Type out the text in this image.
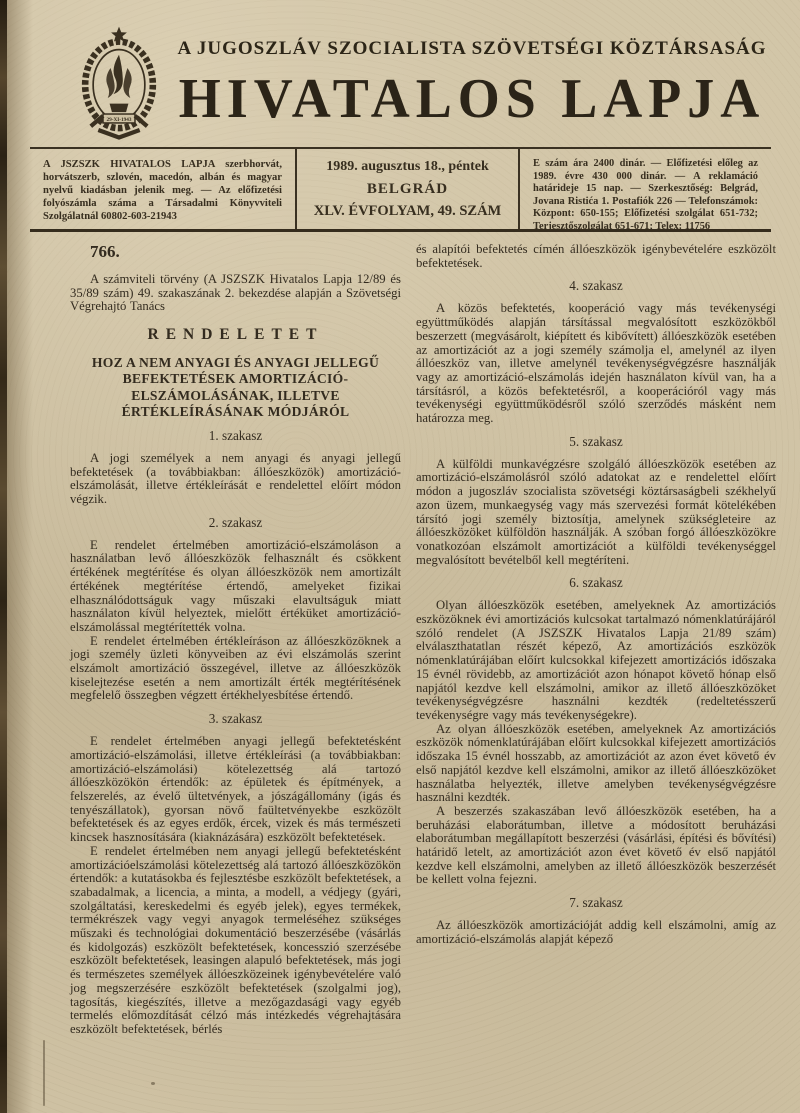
29-XI-1943
A JUGOSZLÁV SZOCIALISTA SZÖVETSÉGI KÖZTÁRSASÁG
HIVATALOS LAPJA
A JSZSZK HIVATALOS LAPJA szerbhorvát, horvátszerb, szlovén, macedón, albán és magyar nyelvű kiadásban jelenik meg. — Az előfizetési folyószámla száma a Társadalmi Könyvviteli Szolgálatnál 60802-603-21943
1989. augusztus 18., péntek
BELGRÁD
XLV. ÉVFOLYAM, 49. SZÁM
E szám ára 2400 dinár. — Előfizetési előleg az 1989. évre 430 000 dinár. — A reklamáció határideje 15 nap. — Szerkesztőség: Belgrád, Jovana Ristića 1. Postafiók 226 — Telefonszámok: Központ: 650-155; Előfizetési szolgálat 651-732; Terjesztőszolgálat 651-671; Telex: 11756

766.

A számviteli törvény (A JSZSZK Hivatalos Lapja 12/89 és 35/89 szám) 49. szakaszának 2. bekezdése alapján a Szövetségi Végrehajtó Tanács

RENDELETET

HOZ A NEM ANYAGI ÉS ANYAGI JELLEGŰ BEFEKTETÉSEK AMORTIZÁCIÓ-ELSZÁMOLÁSÁNAK, ILLETVE ÉRTÉKLEÍRÁSÁNAK MÓDJÁRÓL

1. szakasz

A jogi személyek a nem anyagi és anyagi jellegű befektetések (a továbbiakban: állóeszközök) amortizáció-elszámolását, illetve értékleírását e rendelettel előírt módon végzik.

2. szakasz

E rendelet értelmében amortizáció-elszámoláson a használatban levő állóeszközök felhasznált és csökkent értékének megtérítése és olyan állóeszközök nem amortizált értékének megtérítése értendő, amelyeket fizikai elhasználódottságuk vagy műszaki elavultságuk miatt használaton kívül helyeztek, mielőtt értéküket amortizáció-elszámolással megtérítették volna.

E rendelet értelmében értékleíráson az állóeszközöknek a jogi személy üzleti könyveiben az évi elszámolás szerint elszámolt amortizáció összegével, illetve az állóeszközök kiselejtezése esetén a nem amortizált érték megtérítésének megfelelő összegben végzett értékhelyesbítése értendő.

3. szakasz

E rendelet értelmében anyagi jellegű befektetésként amortizáció-elszámolási, illetve értékleírási (a továbbiakban: amortizáció-elszámolási) kötelezettség alá tartozó állóeszközökön értendők: az épületek és építmények, a felszerelés, az évelő ültetvények, a jószágállomány (igás és tenyészállatok), gyorsan növő faültetvényekbe eszközölt befektetések és az egyes erdők, ércek, vizek és más természeti kincsek hasznosítására (kiaknázására) eszközölt befektetések.

E rendelet értelmében nem anyagi jellegű befektetésként amortizációelszámolási kötelezettség alá tartozó állóeszközökön értendők: a kutatásokba és fejlesztésbe eszközölt befektetések, a szabadalmak, a licencia, a minta, a modell, a védjegy (gyári, szolgáltatási, kereskedelmi és egyéb jelek), egyes termékek, termékrészek vagy vegyi anyagok termeléséhez szükséges műszaki és technológiai dokumentáció beszerzésébe (vásárlás és kidolgozás) eszközölt befektetések, koncesszió szerzésébe eszközölt befektetések, leasingen alapuló befektetések, más jogi és természetes személyek állóeszközeinek igénybevételére való jog megszerzésére eszközölt befektetések (szolgalmi jog), tagosítás, kiegészítés, illetve a mezőgazdasági vagy egyéb termelés előmozdítását célzó más intézkedés végrehajtására eszközölt befektetések, bérlés

és alapítói befektetés címén állóeszközök igénybevételére eszközölt befektetések.

4. szakasz

A közös befektetés, kooperáció vagy más tevékenységi együttműködés alapján társítással megvalósított eszközökből beszerzett (megvásárolt, kiépített és kibővített) állóeszközök esetében az amortizációt az a jogi személy számolja el, amelynél az ilyen állóeszköz van, illetve amelynél tevékenységvégzésre használják vagy az amortizáció-elszámolás idején használaton kívül van, ha a társításról, a közös befektetésről, a kooperációról vagy más tevékenységi együttműködésről szóló szerződés másként nem határozza meg.

5. szakasz

A külföldi munkavégzésre szolgáló állóeszközök esetében az amortizáció-elszámolásról szóló adatokat az e rendelettel előírt módon a jugoszláv szocialista szövetségi köztársaságbeli székhelyű azon üzem, munkaegység vagy más szervezési formát kötelékében társító jogi személy biztosítja, amelynek szükségleteire az állóeszközöket külföldön használják. A szóban forgó állóeszközökre vonatkozóan elszámolt amortizációt a külföldi tevékenységgel megvalósított bevételből kell megtéríteni.

6. szakasz

Olyan állóeszközök esetében, amelyeknek Az amortizációs eszközöknek évi amortizációs kulcsokat tartalmazó nómenklatúrájáról szóló rendelet (A JSZSZK Hivatalos Lapja 21/89 szám) elválaszthatatlan részét képező, Az amortizációs eszközök nómenklatúrájában előírt kulcsokkal kifejezett amortizációs időszaka 15 évnél rövidebb, az amortizációt azon hónapot követő hónap első napjától kezdve kell elszámolni, amikor az illető állóeszközöket tevékenységvégzésre használni kezdték (redeltetésszerű tevékenységre vagy más tevékenységekre).

Az olyan állóeszközök esetében, amelyeknek Az amortizációs eszközök nómenklatúrájában előírt kulcsokkal kifejezett amortizációs időszaka 15 évnél hosszabb, az amortizációt az azon évet követő év első napjától kezdve kell elszámolni, amikor az illető állóeszközöket használatba helyezték, illetve amelyben tevékenységvégzésre használni kezdték.

A beszerzés szakaszában levő állóeszközök esetében, ha a beruházási elaborátumban, illetve a módosított beruházási elaborátumban megállapított beszerzési (vásárlási, építési és bővítési) határidő letelt, az amortizációt azon évet követő év első napjától kezdve kell elszámolni, amelyben az illető állóeszközök beszerzését be kellett volna fejezni.

7. szakasz

Az állóeszközök amortizációját addig kell elszámolni, amíg az amortizáció-elszámolás alapját képező
